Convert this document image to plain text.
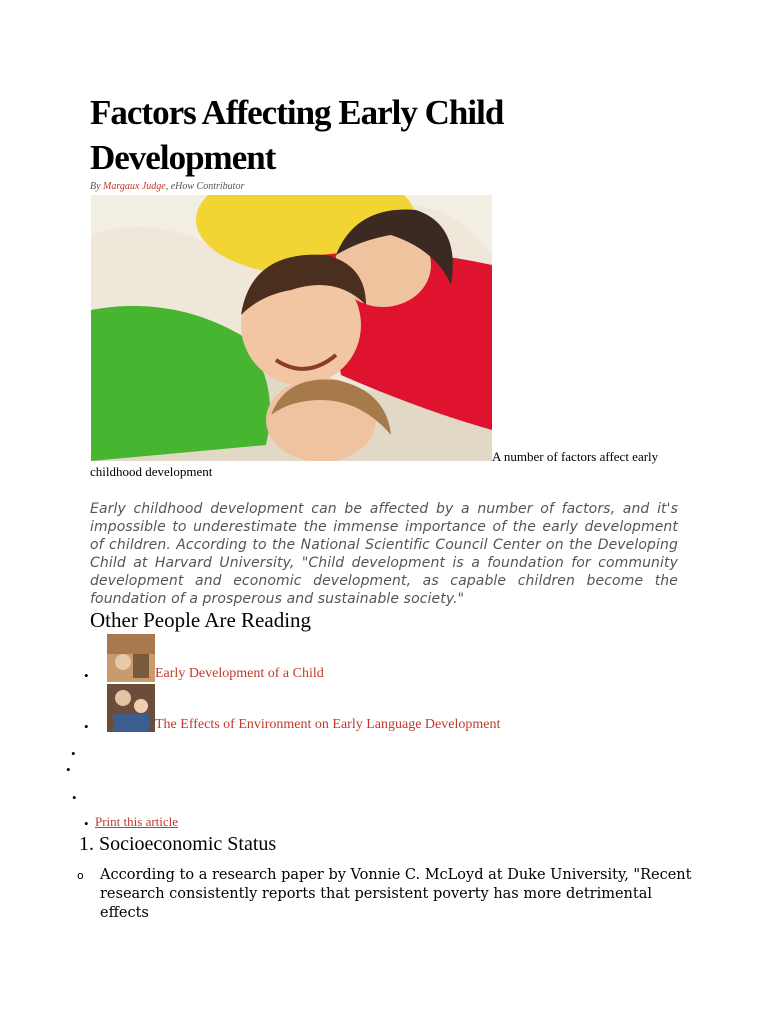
Factors Affecting Early Child Development
By Margaux Judge, eHow Contributor
A number of factors affect early childhood development

Early childhood development can be affected by a number of factors, and it's impossible to underestimate the immense importance of the early development of children. According to the National Scientific Council Center on the Developing Child at Harvard University, "Child development is a foundation for community development and economic development, as capable children become the foundation of a prosperous and sustainable society."

Other People Are Reading
•	Early Development of a Child
•	The Effects of Environment on Early Language Development
•
•
•
• Print this article
1. Socioeconomic Status
o According to a research paper by Vonnie C. McLoyd at Duke University, "Recent research consistently reports that persistent poverty has more detrimental effects
